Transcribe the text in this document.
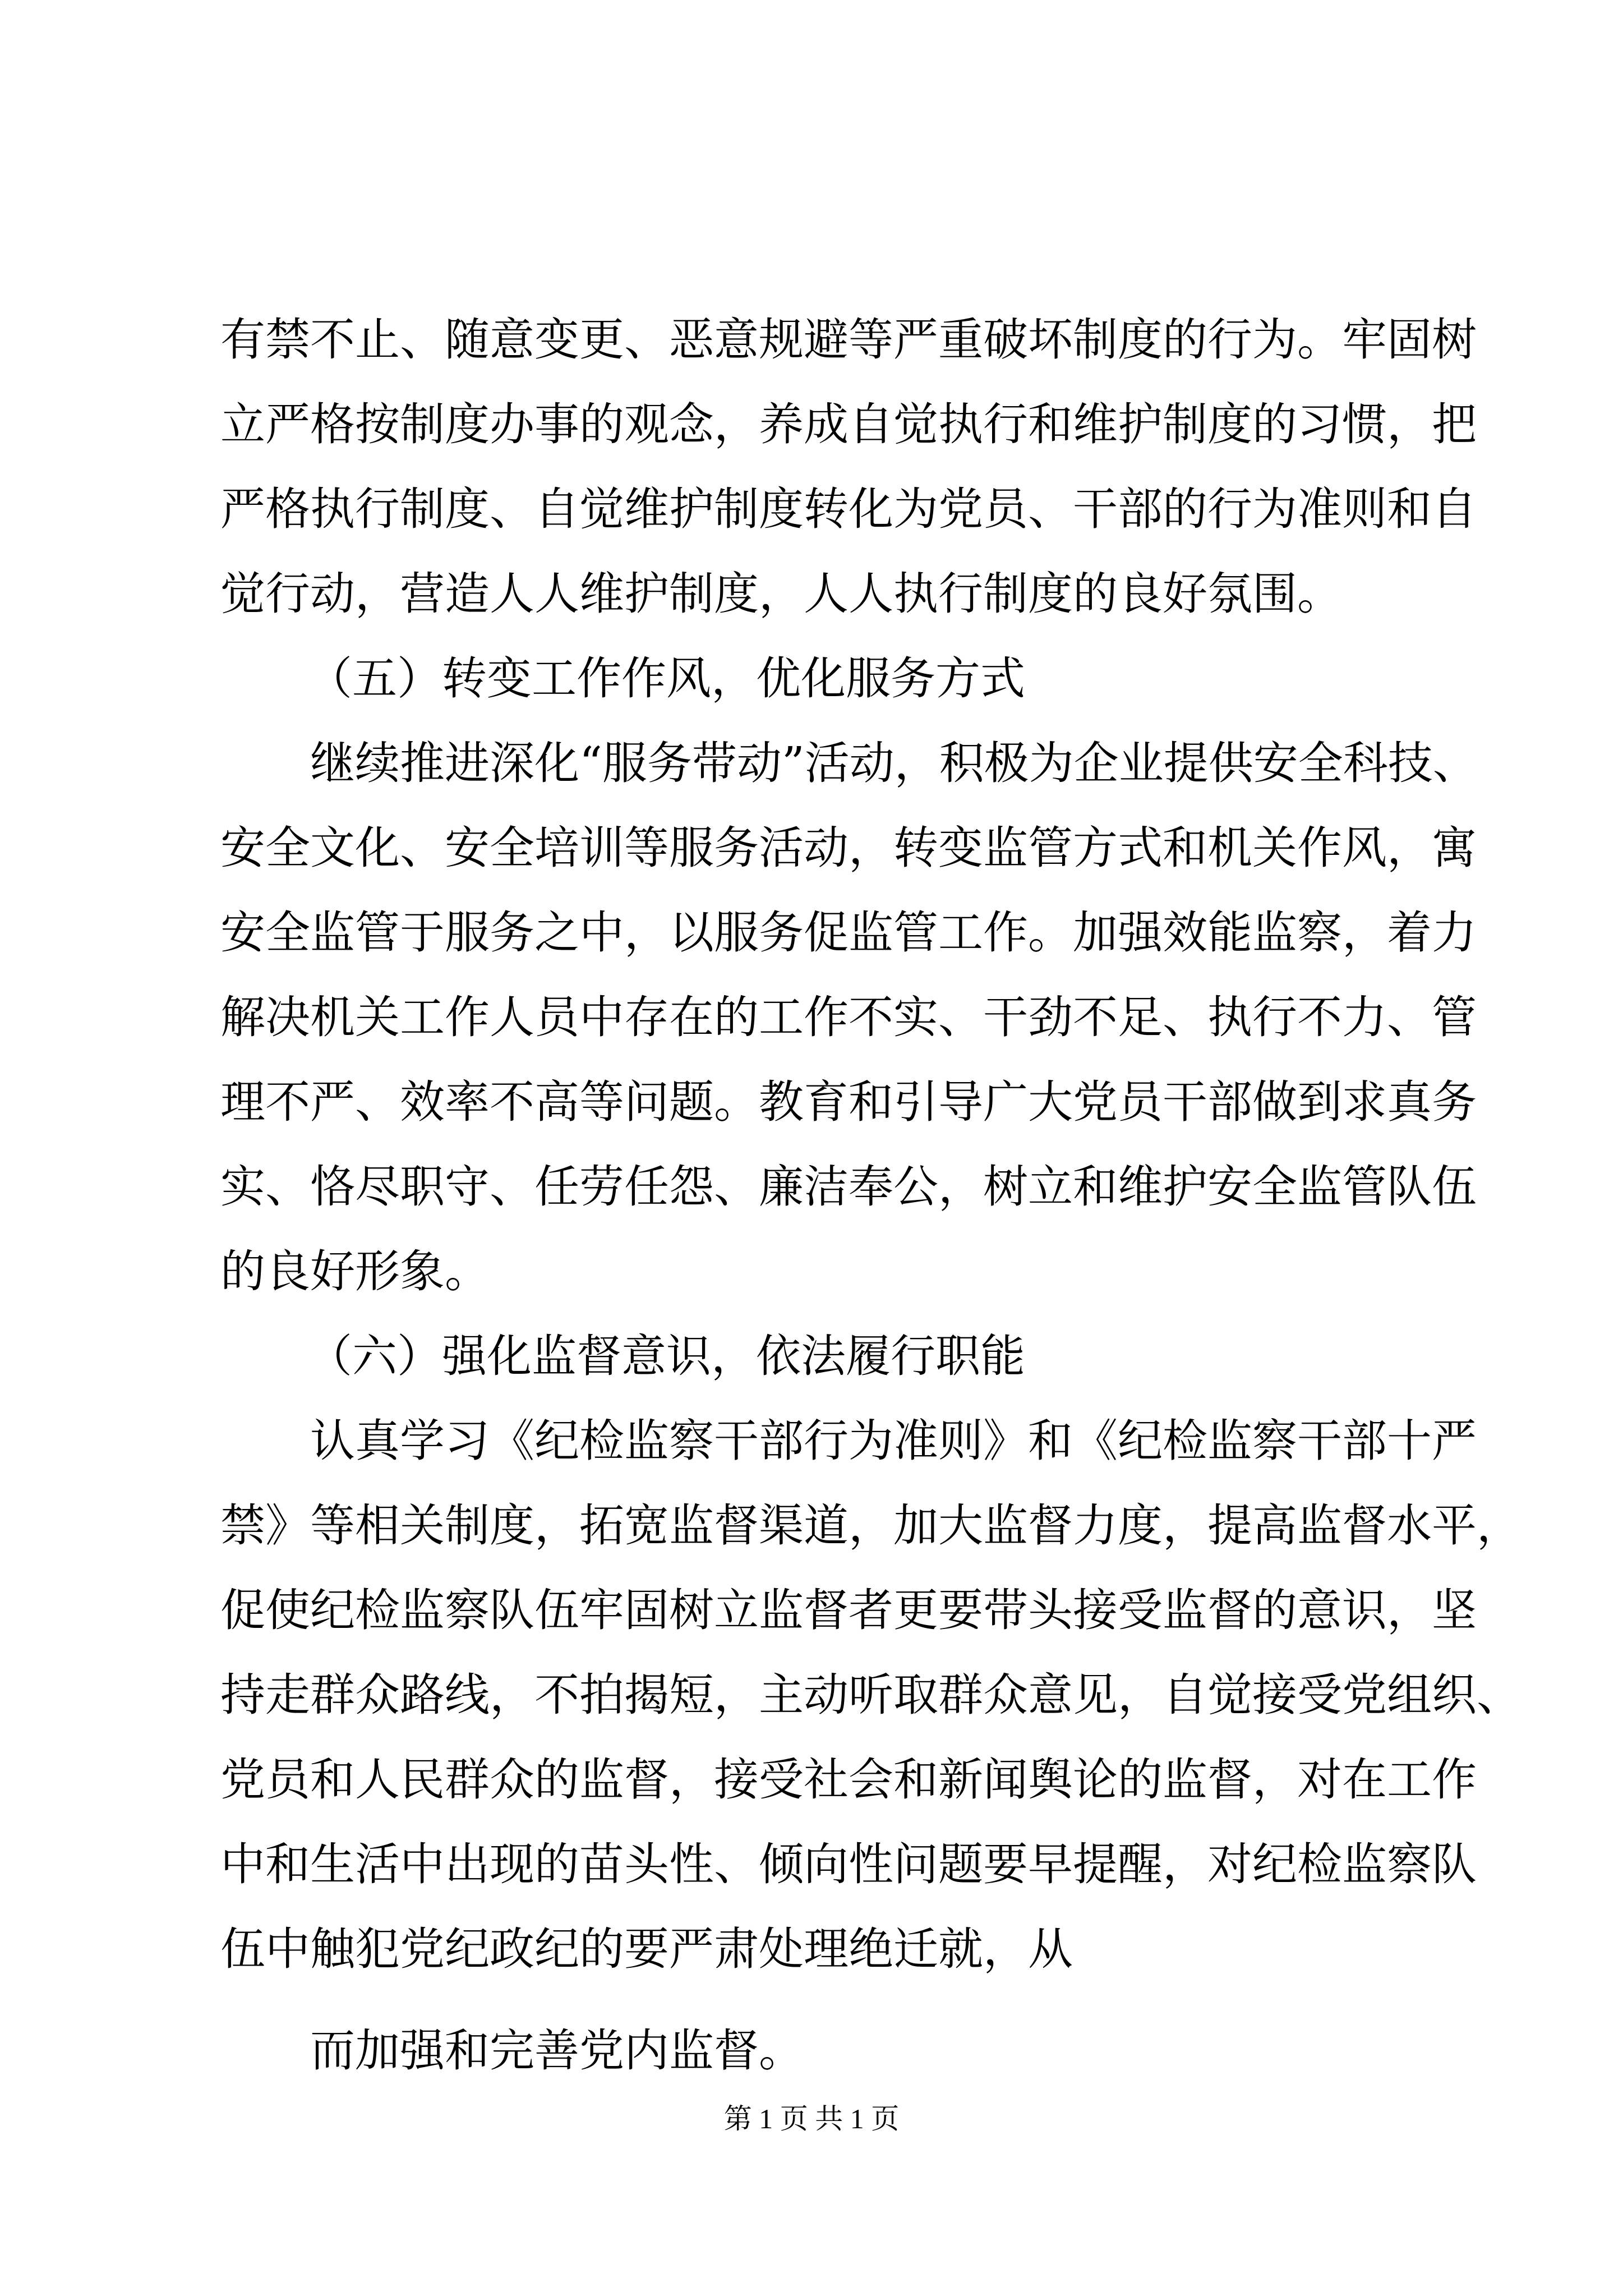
有禁不止、随意变更、恶意规避等严重破坏制度的行为。牢固树
立严格按制度办事的观念，养成自觉执行和维护制度的习惯，把
严格执行制度、自觉维护制度转化为党员、干部的行为准则和自
觉行动，营造人人维护制度，人人执行制度的良好氛围。
（五）转变工作作风，优化服务方式
继续推进深化“服务带动”活动，积极为企业提供安全科技、
安全文化、安全培训等服务活动，转变监管方式和机关作风，寓
安全监管于服务之中，以服务促监管工作。加强效能监察，着力
解决机关工作人员中存在的工作不实、干劲不足、执行不力、管
理不严、效率不高等问题。教育和引导广大党员干部做到求真务
实、恪尽职守、任劳任怨、廉洁奉公，树立和维护安全监管队伍
的良好形象。
（六）强化监督意识，依法履行职能
认真学习《纪检监察干部行为准则》和《纪检监察干部十严
禁》等相关制度，拓宽监督渠道，加大监督力度，提高监督水平，
促使纪检监察队伍牢固树立监督者更要带头接受监督的意识，坚
持走群众路线，不拍揭短，主动听取群众意见，自觉接受党组织、
党员和人民群众的监督，接受社会和新闻舆论的监督，对在工作
中和生活中出现的苗头性、倾向性问题要早提醒，对纪检监察队
伍中触犯党纪政纪的要严肃处理绝迁就，从
而加强和完善党内监督。
第 1 页 共 1 页
